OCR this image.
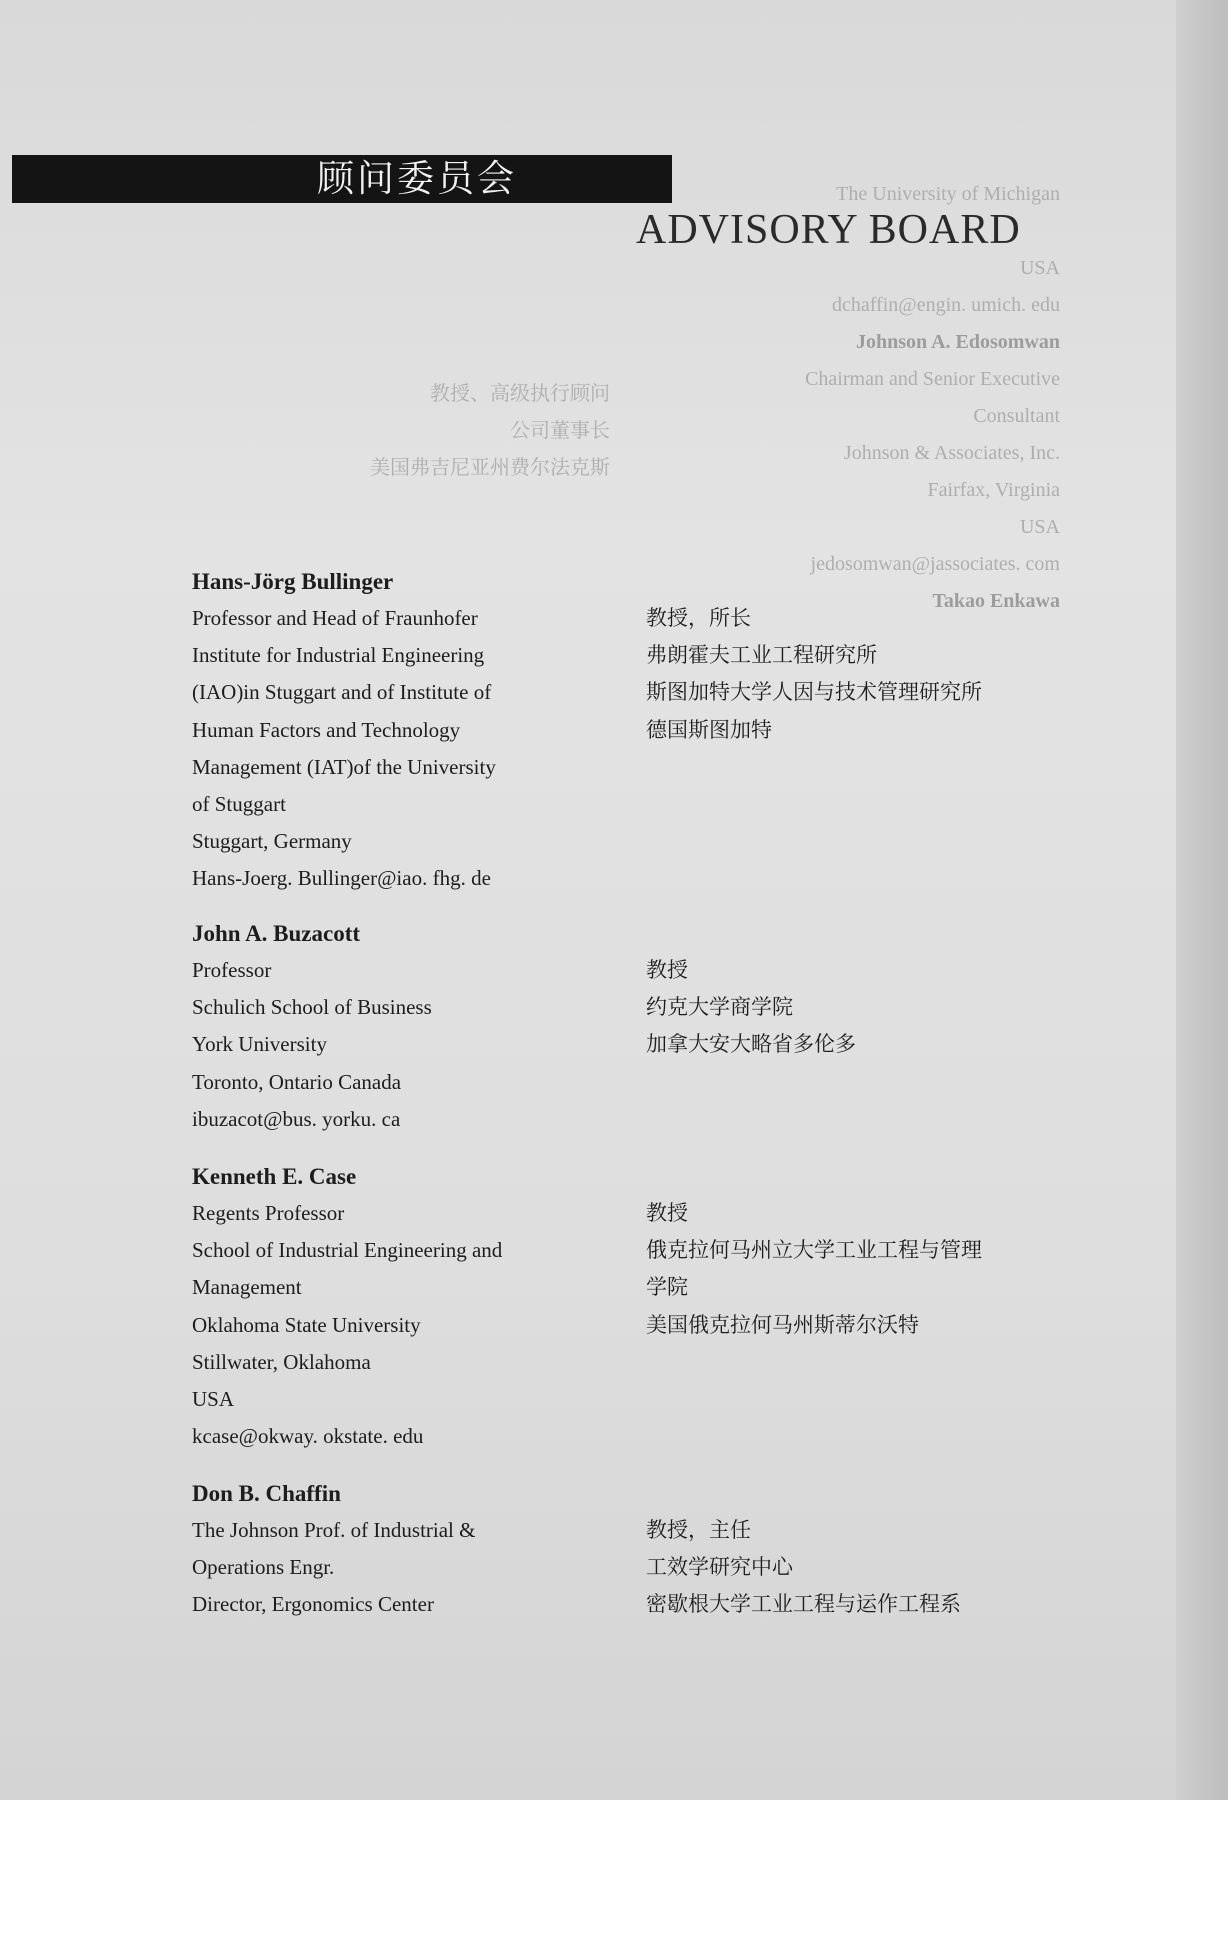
顾问委员会
ADVISORY BOARD
The University of Michigan
USA
dchaffin@engin. umich. edu
Johnson A. Edosomwan
Chairman and Senior Executive
Consultant
Johnson & Associates, Inc.
Fairfax, Virginia
USA
jedosomwan@jassociates. com
Takao Enkawa
教授、高级执行顾问
公司董事长
美国弗吉尼亚州费尔法克斯
Hans-Jörg Bullinger
Professor and Head of Fraunhofer
Institute for Industrial Engineering
(IAO)in Stuggart and of Institute of
Human Factors and Technology
Management (IAT)of the University
of Stuggart
Stuggart, Germany
Hans-Joerg. Bullinger@iao. fhg. de
教授，所长
弗朗霍夫工业工程研究所
斯图加特大学人因与技术管理研究所
德国斯图加特
John A. Buzacott
Professor
Schulich School of Business
York University
Toronto, Ontario Canada
ibuzacot@bus. yorku. ca
教授
约克大学商学院
加拿大安大略省多伦多
Kenneth E. Case
Regents Professor
School of Industrial Engineering and
Management
Oklahoma State University
Stillwater, Oklahoma
USA
kcase@okway. okstate. edu
教授
俄克拉何马州立大学工业工程与管理
学院
美国俄克拉何马州斯蒂尔沃特
Don B. Chaffin
The Johnson Prof. of Industrial &
Operations Engr.
Director, Ergonomics Center
教授，主任
工效学研究中心
密歇根大学工业工程与运作工程系
